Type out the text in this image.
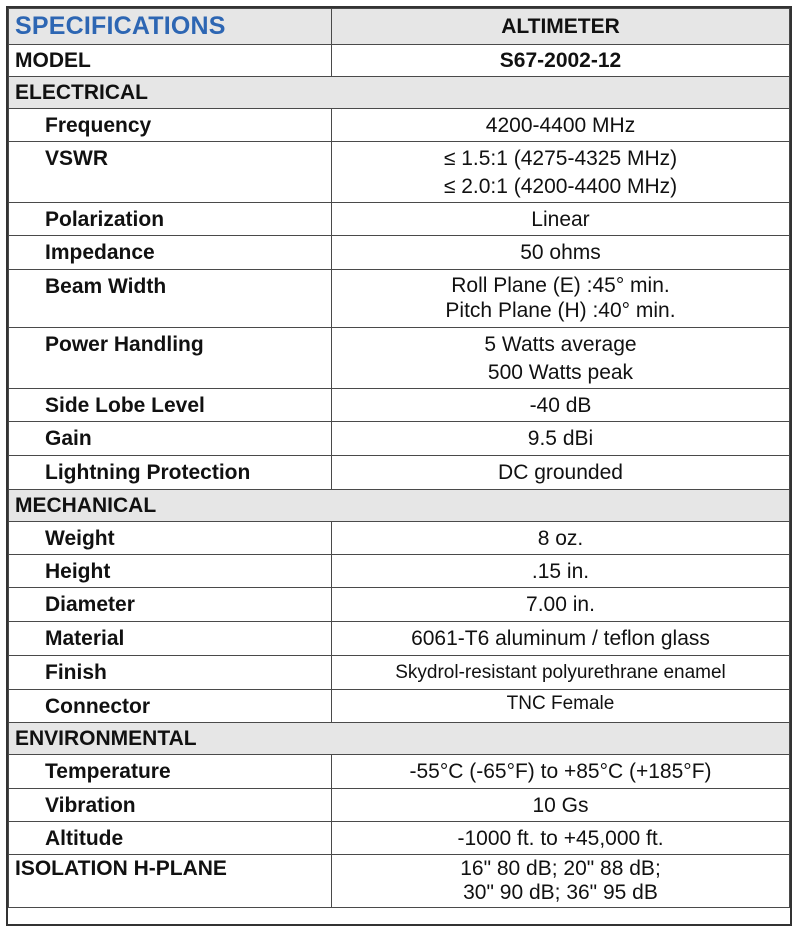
SPECIFICATIONS	ALTIMETER
MODEL	S67-2002-12
ELECTRICAL	
Frequency	4200-4400 MHz
VSWR	≤ 1.5:1 (4275-4325 MHz)
≤ 2.0:1 (4200-4400 MHz)

Polarization	Linear
Impedance	50 ohms
Beam Width	Roll Plane (E) :45° min.
Pitch Plane (H) :40° min.

Power Handling	5 Watts average
500 Watts peak

Side Lobe Level	-40 dB
Gain	9.5 dBi
Lightning Protection	DC grounded
MECHANICAL	
Weight	8 oz.
Height	.15 in.
Diameter	7.00 in.
Material	6061-T6 aluminum / teflon glass
Finish	Skydrol-resistant polyurethrane enamel
Connector	TNC Female
ENVIRONMENTAL	
Temperature	-55°C (-65°F) to +85°C (+185°F)
Vibration	10 Gs
Altitude	-1000 ft. to +45,000 ft.
ISOLATION H-PLANE	16" 80 dB; 20" 88 dB;
30" 90 dB; 36" 95 dB
